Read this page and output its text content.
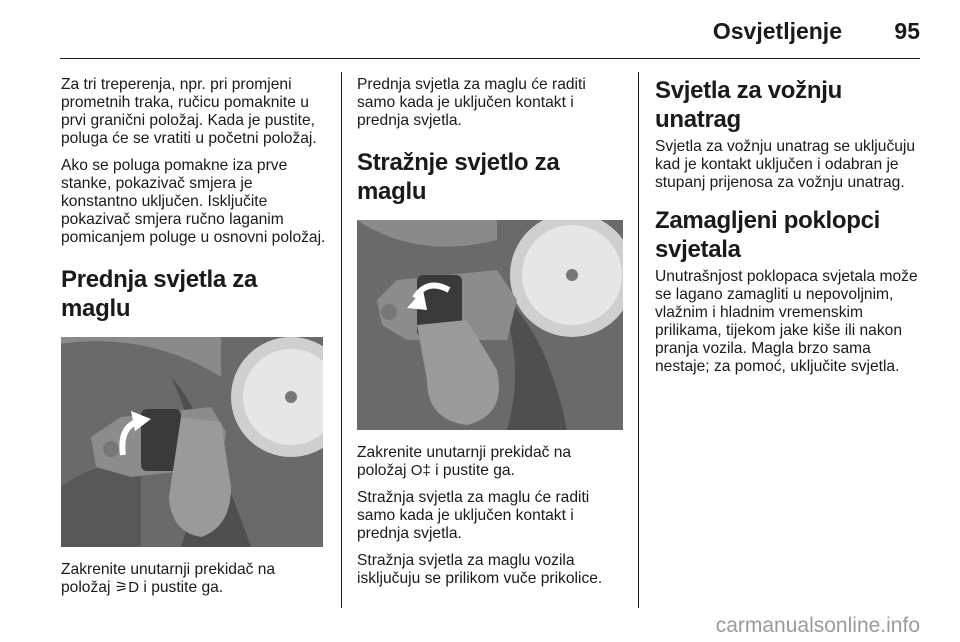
Osvjetljenje 95

Za tri treperenja, npr. pri promjeni prometnih traka, ručicu pomaknite u prvi granični položaj. Kada je pustite, poluga će se vratiti u početni položaj.

Ako se poluga pomakne iza prve stanke, pokazivač smjera je konstantno uključen. Isključite pokazivač smjera ručno laganim pomicanjem poluge u osnovni položaj.

Prednja svjetla za maglu

Zakrenite unutarnji prekidač na položaj ⚞D i pustite ga.

Prednja svjetla za maglu će raditi samo kada je uključen kontakt i prednja svjetla.

Stražnje svjetlo za maglu

Zakrenite unutarnji prekidač na položaj O‡ i pustite ga.

Stražnja svjetla za maglu će raditi samo kada je uključen kontakt i prednja svjetla.

Stražnja svjetla za maglu vozila isključuju se prilikom vuče prikolice.

Svjetla za vožnju unatrag

Svjetla za vožnju unatrag se uključuju kad je kontakt uključen i odabran je stupanj prijenosa za vožnju unatrag.

Zamagljeni poklopci svjetala

Unutrašnjost poklopaca svjetala može se lagano zamagliti u nepovoljnim, vlažnim i hladnim vremenskim prilikama, tijekom jake kiše ili nakon pranja vozila. Magla brzo sama nestaje; za pomoć, uključite svjetla.

carmanualsonline.info
